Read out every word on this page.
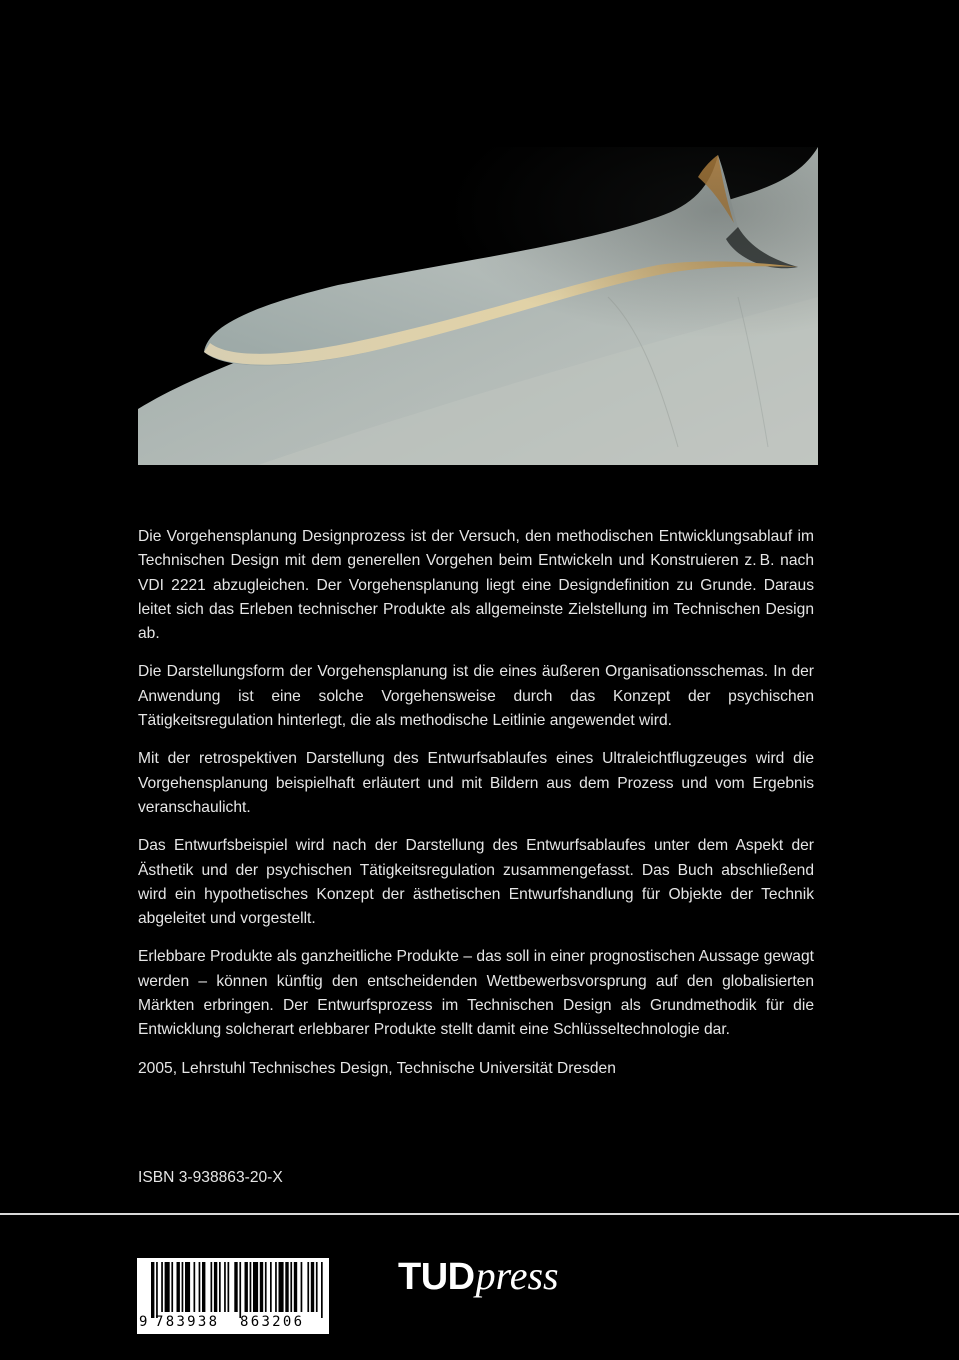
Die Vorgehensplanung Designprozess ist der Versuch, den methodischen Entwicklungsablauf im Technischen Design mit dem generellen Vorgehen beim Entwickeln und Konstruieren z. B. nach VDI 2221 abzugleichen. Der Vorgehensplanung liegt eine Designdefinition zu Grunde. Daraus leitet sich das Erleben technischer Produkte als allgemeinste Zielstellung im Technischen Design ab.

Die Darstellungsform der Vorgehensplanung ist die eines äußeren Organisationsschemas. In der Anwendung ist eine solche Vorgehensweise durch das Konzept der psychischen Tätigkeitsregulation hinterlegt, die als methodische Leitlinie angewendet wird.

Mit der retrospektiven Darstellung des Entwurfsablaufes eines Ultraleichtflugzeuges wird die Vorgehensplanung beispielhaft erläutert und mit Bildern aus dem Prozess und vom Ergebnis veranschaulicht.

Das Entwurfsbeispiel wird nach der Darstellung des Entwurfsablaufes unter dem Aspekt der Ästhetik und der psychischen Tätigkeitsregulation zusammengefasst. Das Buch abschließend wird ein hypothetisches Konzept der ästhetischen Entwurfshandlung für Objekte der Technik abgeleitet und vorgestellt.

Erlebbare Produkte als ganzheitliche Produkte – das soll in einer prognostischen Aussage gewagt werden – können künftig den entscheidenden Wettbewerbsvorsprung auf den globalisierten Märkten erbringen. Der Entwurfsprozess im Technischen Design als Grundmethodik für die Entwicklung solcherart erlebbarer Produkte stellt damit eine Schlüsseltechnologie dar.

2005, Lehrstuhl Technisches Design, Technische Universität Dresden

ISBN 3-938863-20-X
9 783938 863206
TUDpress
